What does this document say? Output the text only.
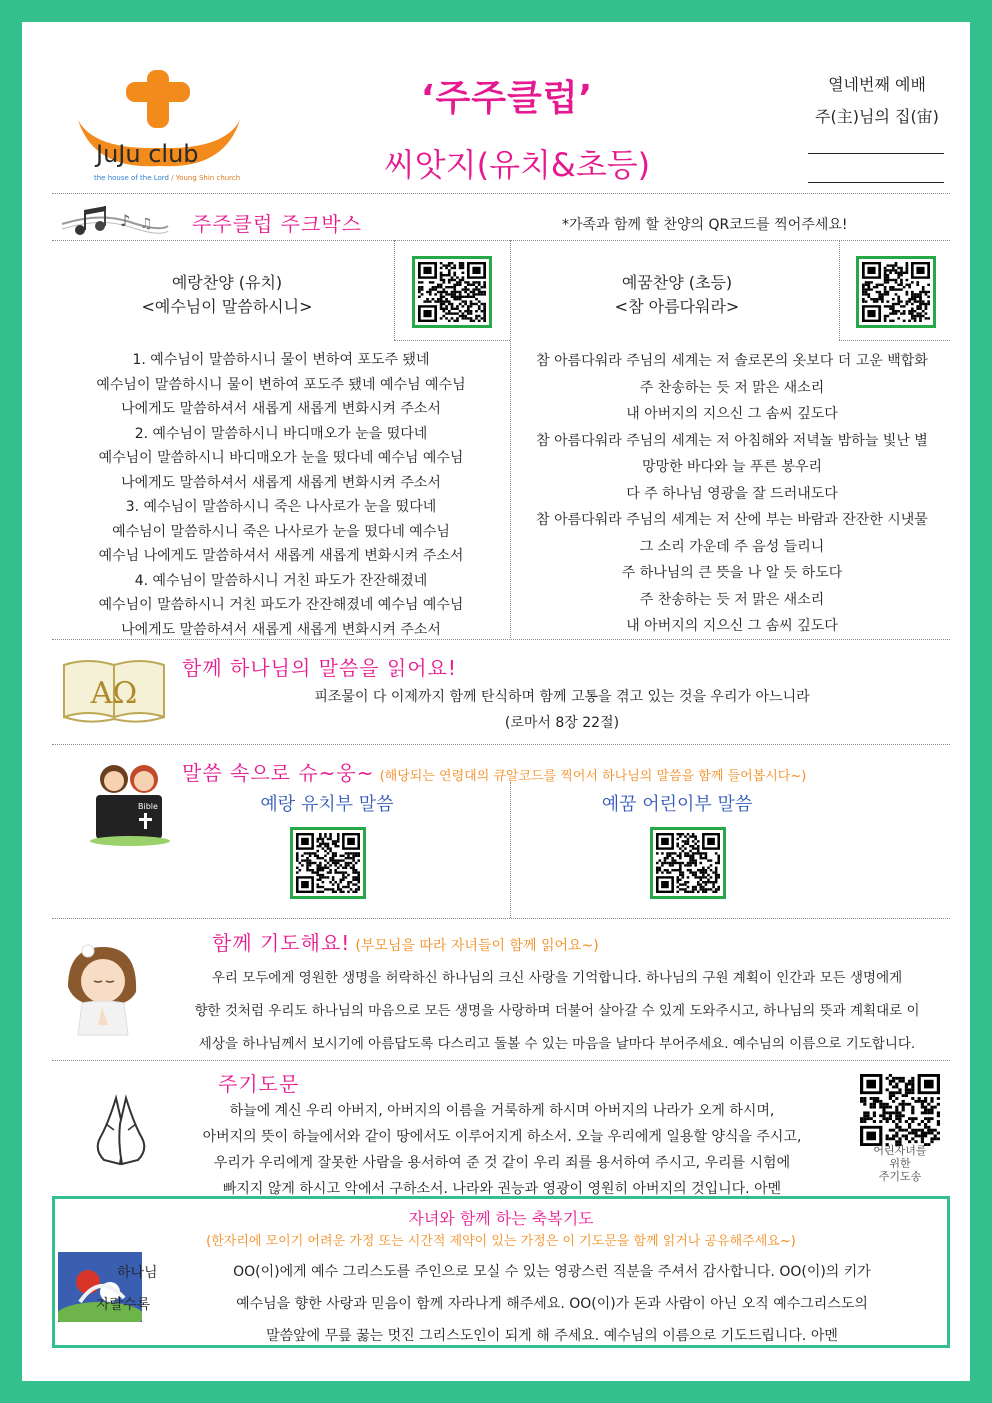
JuJu club
the house of the Lord / Young Shin church
‘주주클럽’
씨앗지(유치&초등)
열네번째 예배
주(主)님의 집(宙)
♪ ♫ 주주클럽 주크박스	*가족과 함께 할 찬양의 QR코드를 찍어주세요!
예랑찬양 (유치)
<예수님이 말씀하시니>
예꿈찬양 (초등)
<참 아름다워라>
1. 예수님이 말씀하시니 물이 변하여 포도주 됐네
예수님이 말씀하시니 물이 변하여 포도주 됐네 예수님 예수님
나에게도 말씀하셔서 새롭게 새롭게 변화시켜 주소서
2. 예수님이 말씀하시니 바디매오가 눈을 떴다네
예수님이 말씀하시니 바디매오가 눈을 떴다네 예수님 예수님
나에게도 말씀하셔서 새롭게 새롭게 변화시켜 주소서
3. 예수님이 말씀하시니 죽은 나사로가 눈을 떴다네
예수님이 말씀하시니 죽은 나사로가 눈을 떴다네 예수님
예수님 나에게도 말씀하셔서 새롭게 새롭게 변화시켜 주소서
4. 예수님이 말씀하시니 거친 파도가 잔잔해졌네
예수님이 말씀하시니 거친 파도가 잔잔해졌네 예수님 예수님
나에게도 말씀하셔서 새롭게 새롭게 변화시켜 주소서
참 아름다워라 주님의 세계는 저 솔로몬의 옷보다 더 고운 백합화
주 찬송하는 듯 저 맑은 새소리
내 아버지의 지으신 그 솜씨 깊도다
참 아름다워라 주님의 세계는 저 아침해와 저녁놀 밤하늘 빛난 별
망망한 바다와 늘 푸른 봉우리
다 주 하나님 영광을 잘 드러내도다
참 아름다워라 주님의 세계는 저 산에 부는 바람과 잔잔한 시냇물
그 소리 가운데 주 음성 들리니
주 하나님의 큰 뜻을 나 알 듯 하도다
주 찬송하는 듯 저 맑은 새소리
내 아버지의 지으신 그 솜씨 깊도다
AΩ
함께 하나님의 말씀을 읽어요!
피조물이 다 이제까지 함께 탄식하며 함께 고통을 겪고 있는 것을 우리가 아느니라
(로마서 8장 22절)
Bible
말씀 속으로 슈~웅~ (해당되는 연령대의 큐알코드를 찍어서 하나님의 말씀을 함께 들어봅시다~)
예랑 유치부 말씀	예꿈 어린이부 말씀
함께 기도해요! (부모님을 따라 자녀들이 함께 읽어요~)
우리 모두에게 영원한 생명을 허락하신 하나님의 크신 사랑을 기억합니다. 하나님의 구원 계획이 인간과 모든 생명에게
향한 것처럼 우리도 하나님의 마음으로 모든 생명을 사랑하며 더불어 살아갈 수 있게 도와주시고, 하나님의 뜻과 계획대로 이
세상을 하나님께서 보시기에 아름답도록 다스리고 돌볼 수 있는 마음을 날마다 부어주세요. 예수님의 이름으로 기도합니다.
주기도문
하늘에 계신 우리 아버지, 아버지의 이름을 거룩하게 하시며 아버지의 나라가 오게 하시며,
아버지의 뜻이 하늘에서와 같이 땅에서도 이루어지게 하소서. 오늘 우리에게 일용할 양식을 주시고,
우리가 우리에게 잘못한 사람을 용서하여 준 것 같이 우리 죄를 용서하여 주시고, 우리를 시험에
빠지지 않게 하시고 악에서 구하소서. 나라와 권능과 영광이 영원히 아버지의 것입니다. 아멘
어린자녀를
위한
주기도송
자녀와 함께 하는 축복기도
(한자리에 모이기 어려운 가정 또는 시간적 제약이 있는 가정은 이 기도문을 함께 읽거나 공유해주세요~)
하나님
자랄수록
OO(이)에게 예수 그리스도를 주인으로 모실 수 있는 영광스런 직분을 주셔서 감사합니다. OO(이)의 키가
예수님을 향한 사랑과 믿음이 함께 자라나게 해주세요. OO(이)가 돈과 사람이 아닌 오직 예수그리스도의
말씀앞에 무릎 꿇는 멋진 그리스도인이 되게 해 주세요. 예수님의 이름으로 기도드립니다. 아멘
